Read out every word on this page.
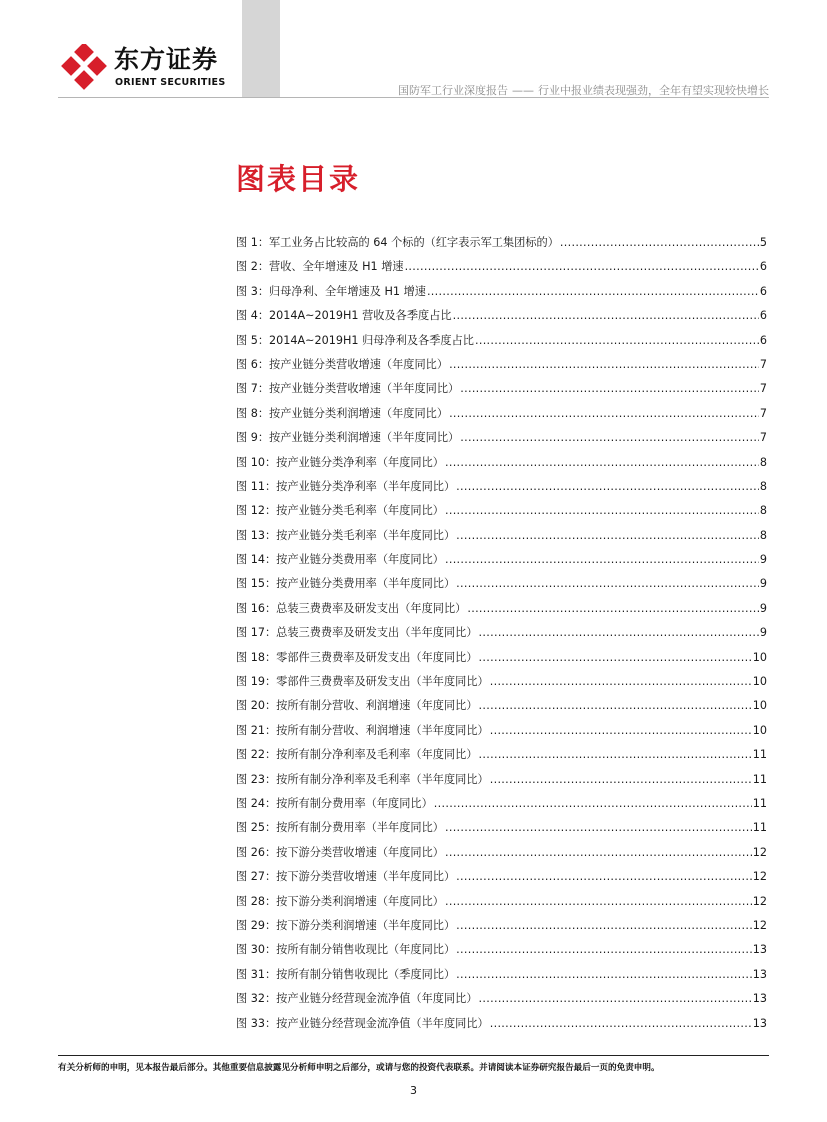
东方证券
ORIENT SECURITIES
国防军工行业深度报告 —— 行业中报业绩表现强劲，全年有望实现较快增长
图表目录
图 1：军工业务占比较高的 64 个标的（红字表示军工集团标的） .....	5
图 2：营收、全年增速及 H1 增速 .....	6
图 3：归母净利、全年增速及 H1 增速 .....	6
图 4：2014A~2019H1 营收及各季度占比 .....	6
图 5：2014A~2019H1 归母净利及各季度占比 .....	6
图 6：按产业链分类营收增速（年度同比） .....	7
图 7：按产业链分类营收增速（半年度同比） .....	7
图 8：按产业链分类利润增速（年度同比） .....	7
图 9：按产业链分类利润增速（半年度同比） .....	7
图 10：按产业链分类净利率（年度同比） .....	8
图 11：按产业链分类净利率（半年度同比） .....	8
图 12：按产业链分类毛利率（年度同比） .....	8
图 13：按产业链分类毛利率（半年度同比） .....	8
图 14：按产业链分类费用率（年度同比） .....	9
图 15：按产业链分类费用率（半年度同比） .....	9
图 16：总装三费费率及研发支出（年度同比） .....	9
图 17：总装三费费率及研发支出（半年度同比） .....	9
图 18：零部件三费费率及研发支出（年度同比） .....	10
图 19：零部件三费费率及研发支出（半年度同比） .....	10
图 20：按所有制分营收、利润增速（年度同比） .....	10
图 21：按所有制分营收、利润增速（半年度同比） .....	10
图 22：按所有制分净利率及毛利率（年度同比） .....	11
图 23：按所有制分净利率及毛利率（半年度同比） .....	11
图 24：按所有制分费用率（年度同比） .....	11
图 25：按所有制分费用率（半年度同比） .....	11
图 26：按下游分类营收增速（年度同比） .....	12
图 27：按下游分类营收增速（半年度同比） .....	12
图 28：按下游分类利润增速（年度同比） .....	12
图 29：按下游分类利润增速（半年度同比） .....	12
图 30：按所有制分销售收现比（年度同比） .....	13
图 31：按所有制分销售收现比（季度同比） .....	13
图 32：按产业链分经营现金流净值（年度同比） .....	13
图 33：按产业链分经营现金流净值（半年度同比） .....	13
有关分析师的申明，见本报告最后部分。其他重要信息披露见分析师申明之后部分，或请与您的投资代表联系。并请阅读本证券研究报告最后一页的免责申明。
3
